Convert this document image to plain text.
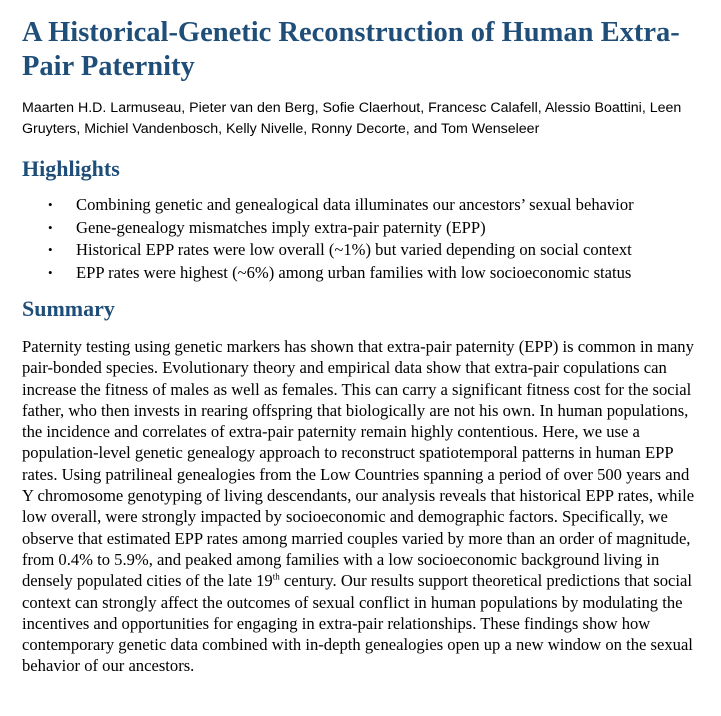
A Historical-Genetic Reconstruction of Human Extra-Pair Paternity

Maarten H.D. Larmuseau, Pieter van den Berg, Sofie Claerhout, Francesc Calafell, Alessio Boattini, Leen Gruyters, Michiel Vandenbosch, Kelly Nivelle, Ronny Decorte, and Tom Wenseleer

Highlights
• Combining genetic and genealogical data illuminates our ancestors’ sexual behavior
• Gene-genealogy mismatches imply extra-pair paternity (EPP)
• Historical EPP rates were low overall (~1%) but varied depending on social context
• EPP rates were highest (~6%) among urban families with low socioeconomic status
Summary

Paternity testing using genetic markers has shown that extra-pair paternity (EPP) is common in many pair-bonded species. Evolutionary theory and empirical data show that extra-pair copulations can increase the fitness of males as well as females. This can carry a significant fitness cost for the social father, who then invests in rearing offspring that biologically are not his own. In human populations, the incidence and correlates of extra-pair paternity remain highly contentious. Here, we use a population-level genetic genealogy approach to reconstruct spatiotemporal patterns in human EPP rates. Using patrilineal genealogies from the Low Countries spanning a period of over 500 years and Y chromosome genotyping of living descendants, our analysis reveals that historical EPP rates, while low overall, were strongly impacted by socioeconomic and demographic factors. Specifically, we observe that estimated EPP rates among married couples varied by more than an order of magnitude, from 0.4% to 5.9%, and peaked among families with a low socioeconomic background living in densely populated cities of the late 19th century. Our results support theoretical predictions that social context can strongly affect the outcomes of sexual conflict in human populations by modulating the incentives and opportunities for engaging in extra-pair relationships. These findings show how contemporary genetic data combined with in-depth genealogies open up a new window on the sexual behavior of our ancestors.
